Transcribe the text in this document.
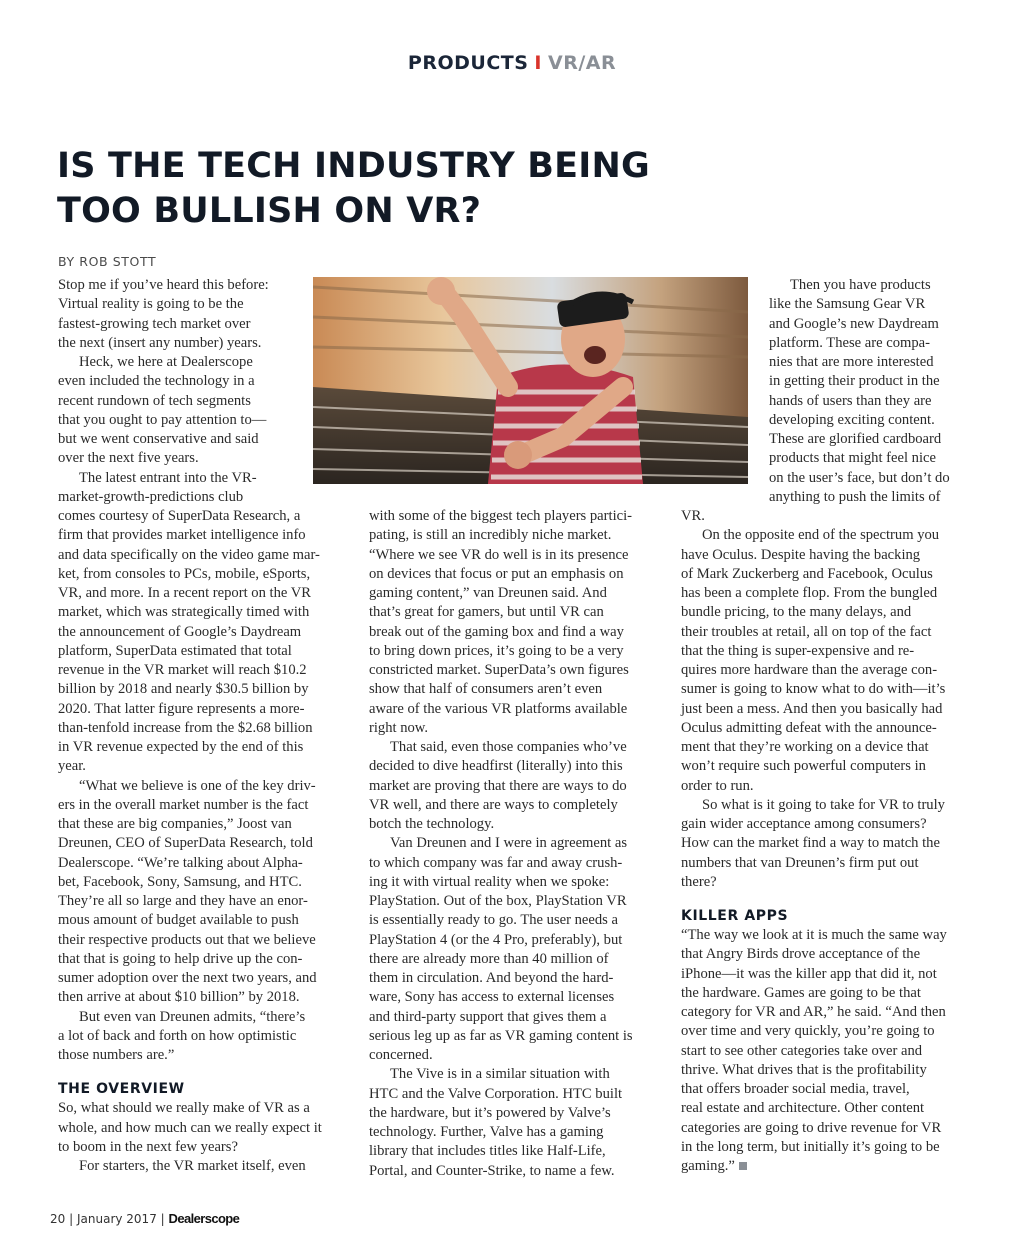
PRODUCTS I VR/AR
IS THE TECH INDUSTRY BEING
TOO BULLISH ON VR?
BY ROB STOTT

Stop me if you’ve heard this before:
Virtual reality is going to be the
fastest-growing tech market over
the next (insert any number) years.

Heck, we here at Dealerscope
even included the technology in a
recent rundown of tech segments
that you ought to pay attention to—
but we went conservative and said
over the next five years.

The latest entrant into the VR-
market-growth-predictions club

comes courtesy of SuperData Research, a
firm that provides market intelligence info
and data specifically on the video game mar-
ket, from consoles to PCs, mobile, eSports,
VR, and more. In a recent report on the VR
market, which was strategically timed with
the announcement of Google’s Daydream
platform, SuperData estimated that total
revenue in the VR market will reach $10.2
billion by 2018 and nearly $30.5 billion by
2020. That latter figure represents a more-
than-tenfold increase from the $2.68 billion
in VR revenue expected by the end of this
year.

“What we believe is one of the key driv-
ers in the overall market number is the fact
that these are big companies,” Joost van
Dreunen, CEO of SuperData Research, told
Dealerscope. “We’re talking about Alpha-
bet, Facebook, Sony, Samsung, and HTC.
They’re all so large and they have an enor-
mous amount of budget available to push
their respective products out that we believe
that that is going to help drive up the con-
sumer adoption over the next two years, and
then arrive at about $10 billion” by 2018.

But even van Dreunen admits, “there’s
a lot of back and forth on how optimistic
those numbers are.”

THE OVERVIEW

So, what should we really make of VR as a
whole, and how much can we really expect it
to boom in the next few years?

For starters, the VR market itself, even

with some of the biggest tech players partici-
pating, is still an incredibly niche market.
“Where we see VR do well is in its presence
on devices that focus or put an emphasis on
gaming content,” van Dreunen said. And
that’s great for gamers, but until VR can
break out of the gaming box and find a way
to bring down prices, it’s going to be a very
constricted market. SuperData’s own figures
show that half of consumers aren’t even
aware of the various VR platforms available
right now.

That said, even those companies who’ve
decided to dive headfirst (literally) into this
market are proving that there are ways to do
VR well, and there are ways to completely
botch the technology.

Van Dreunen and I were in agreement as
to which company was far and away crush-
ing it with virtual reality when we spoke:
PlayStation. Out of the box, PlayStation VR
is essentially ready to go. The user needs a
PlayStation 4 (or the 4 Pro, preferably), but
there are already more than 40 million of
them in circulation. And beyond the hard-
ware, Sony has access to external licenses
and third-party support that gives them a
serious leg up as far as VR gaming content is
concerned.

The Vive is in a similar situation with
HTC and the Valve Corporation. HTC built
the hardware, but it’s powered by Valve’s
technology. Further, Valve has a gaming
library that includes titles like Half-Life,
Portal, and Counter-Strike, to name a few.

Then you have products
like the Samsung Gear VR
and Google’s new Daydream
platform. These are compa-
nies that are more interested
in getting their product in the
hands of users than they are
developing exciting content.
These are glorified cardboard
products that might feel nice
on the user’s face, but don’t do
anything to push the limits of

VR.

On the opposite end of the spectrum you
have Oculus. Despite having the backing
of Mark Zuckerberg and Facebook, Oculus
has been a complete flop. From the bungled
bundle pricing, to the many delays, and
their troubles at retail, all on top of the fact
that the thing is super-expensive and re-
quires more hardware than the average con-
sumer is going to know what to do with—it’s
just been a mess. And then you basically had
Oculus admitting defeat with the announce-
ment that they’re working on a device that
won’t require such powerful computers in
order to run.

So what is it going to take for VR to truly
gain wider acceptance among consumers?
How can the market find a way to match the
numbers that van Dreunen’s firm put out
there?

KILLER APPS

“The way we look at it is much the same way
that Angry Birds drove acceptance of the
iPhone—it was the killer app that did it, not
the hardware. Games are going to be that
category for VR and AR,” he said. “And then
over time and very quickly, you’re going to
start to see other categories take over and
thrive. What drives that is the profitability
that offers broader social media, travel,
real estate and architecture. Other content
categories are going to drive revenue for VR
in the long term, but initially it’s going to be
gaming.”

20 | January 2017 | Dealerscope
